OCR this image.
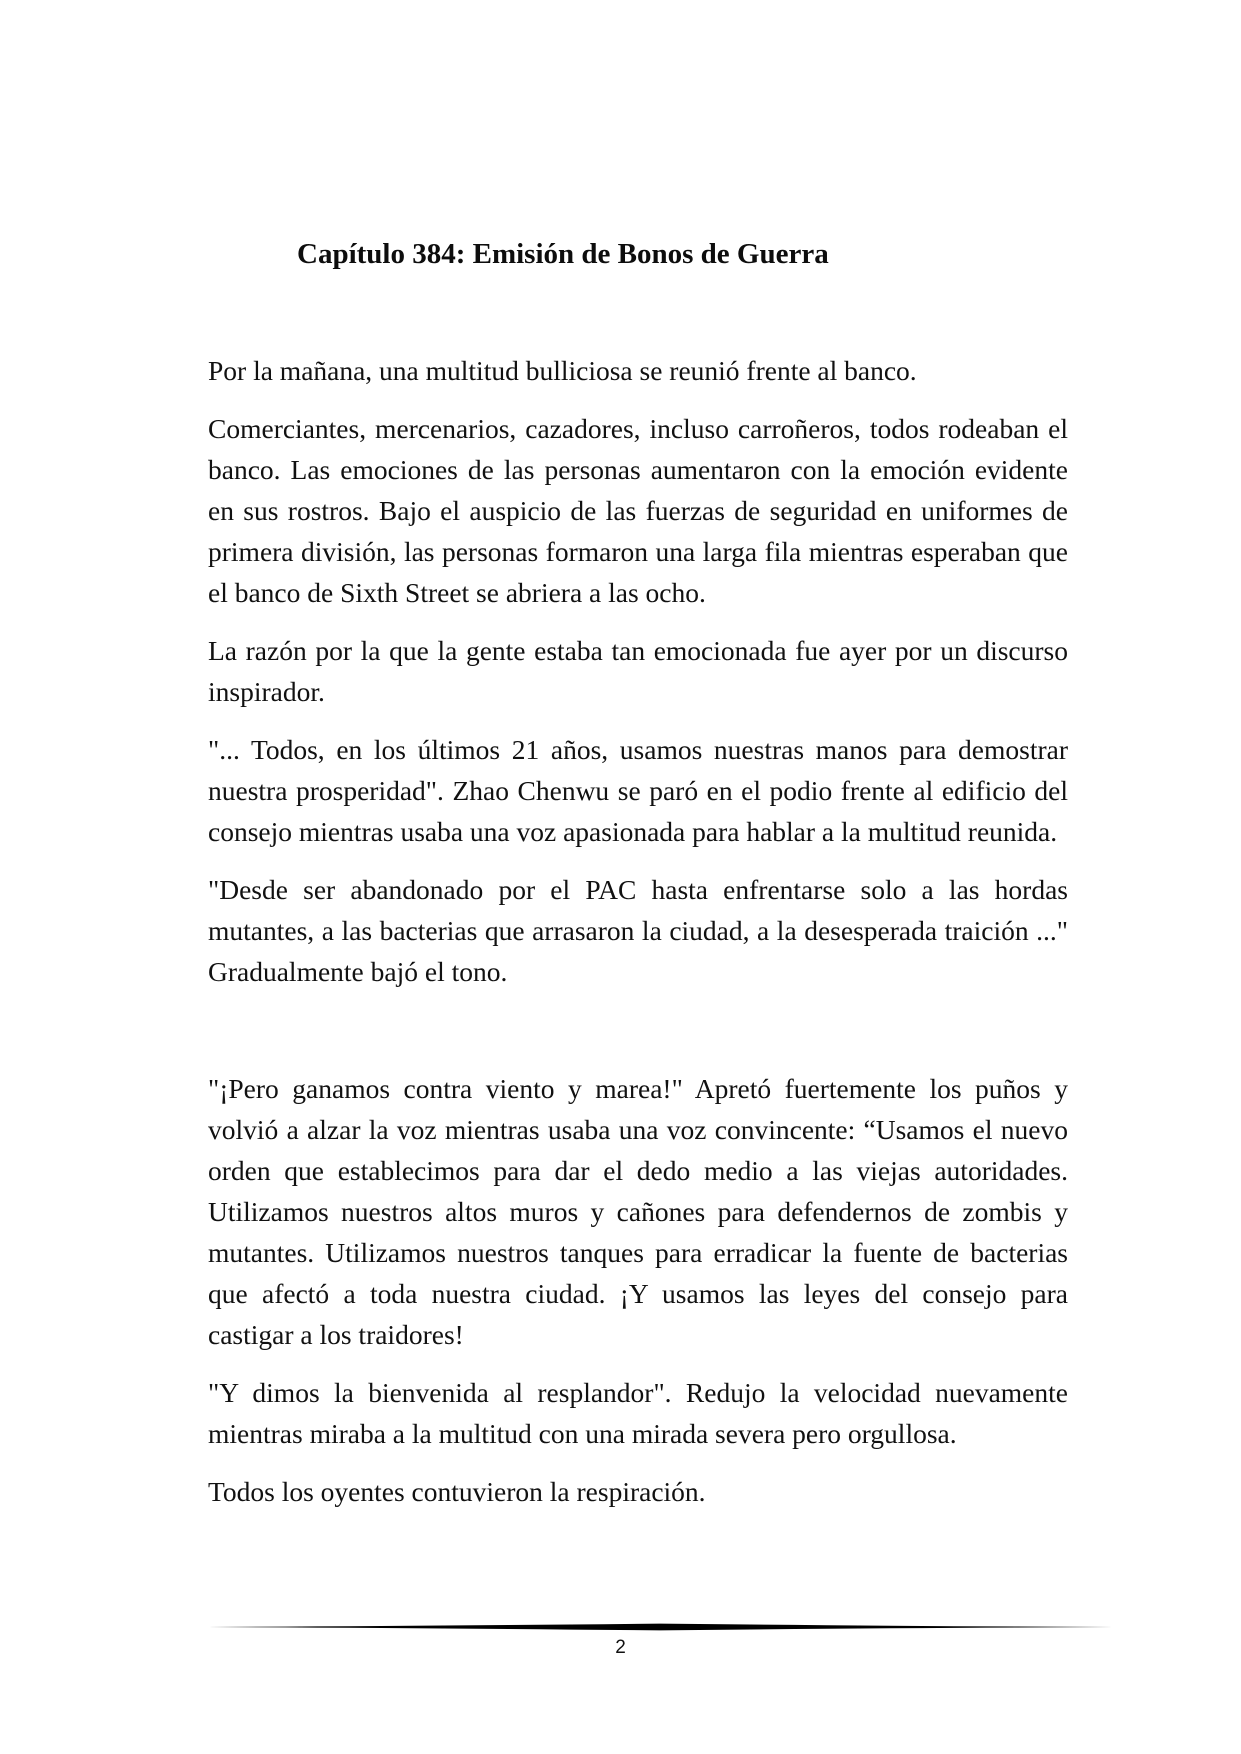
Capítulo 384: Emisión de Bonos de Guerra

Por la mañana, una multitud bulliciosa se reunió frente al banco.

Comerciantes, mercenarios, cazadores, incluso carroñeros, todos rodeaban el banco. Las emociones de las personas aumentaron con la emoción evidente en sus rostros. Bajo el auspicio de las fuerzas de seguridad en uniformes de primera división, las personas formaron una larga fila mientras esperaban que el banco de Sixth Street se abriera a las ocho.

La razón por la que la gente estaba tan emocionada fue ayer por un discurso inspirador.

"... Todos, en los últimos 21 años, usamos nuestras manos para demostrar nuestra prosperidad". Zhao Chenwu se paró en el podio frente al edificio del consejo mientras usaba una voz apasionada para hablar a la multitud reunida.

"Desde ser abandonado por el PAC hasta enfrentarse solo a las hordas mutantes, a las bacterias que arrasaron la ciudad, a la desesperada traición ..." Gradualmente bajó el tono.

"¡Pero ganamos contra viento y marea!" Apretó fuertemente los puños y volvió a alzar la voz mientras usaba una voz convincente: “Usamos el nuevo orden que establecimos para dar el dedo medio a las viejas autoridades. Utilizamos nuestros altos muros y cañones para defendernos de zombis y mutantes. Utilizamos nuestros tanques para erradicar la fuente de bacterias que afectó a toda nuestra ciudad. ¡Y usamos las leyes del consejo para castigar a los traidores!

"Y dimos la bienvenida al resplandor". Redujo la velocidad nuevamente mientras miraba a la multitud con una mirada severa pero orgullosa.

Todos los oyentes contuvieron la respiración.

2
